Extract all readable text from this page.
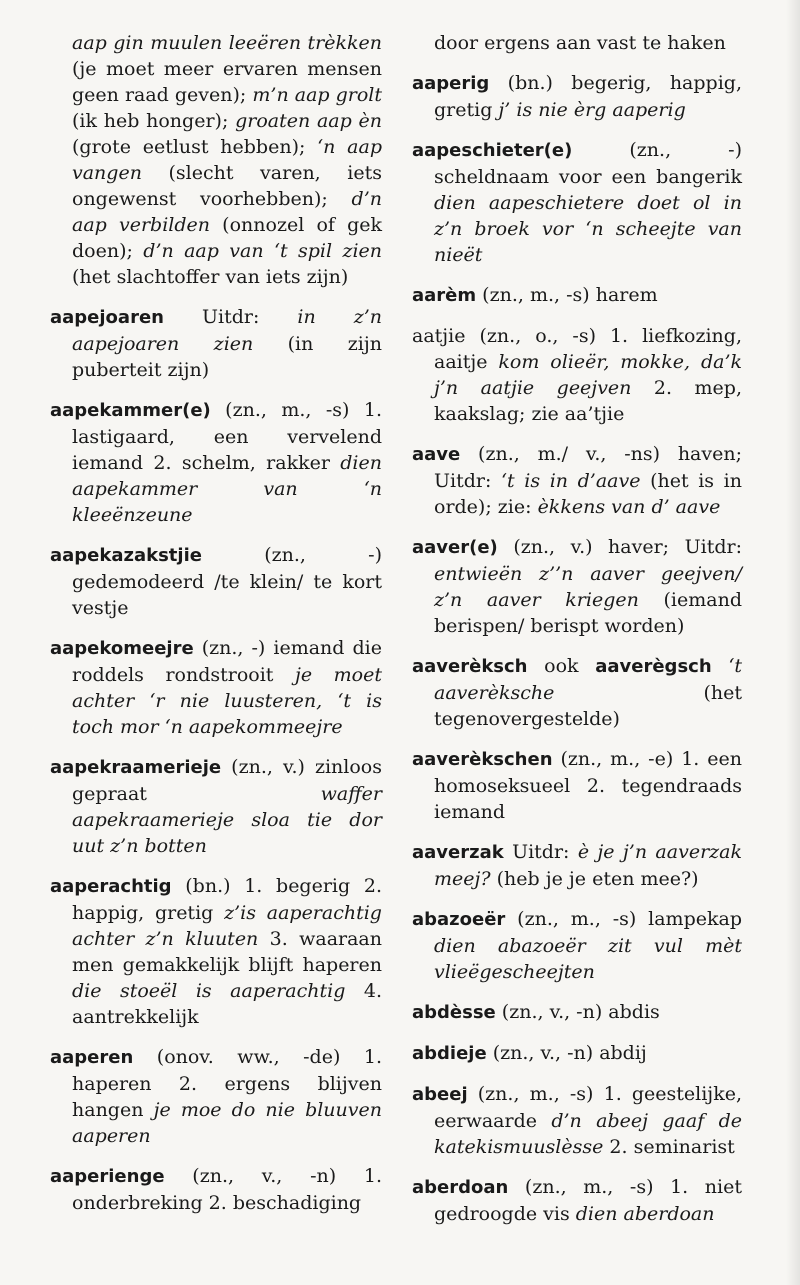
aap gin muulen leeëren trèkken (je moet meer ervaren mensen geen raad geven); m’n aap grolt (ik heb honger); groaten aap èn (grote eetlust hebben); ‘n aap vangen (slecht varen, iets ongewenst voorhebben); d’n aap verbilden (onnozel of gek doen); d’n aap van ‘t spil zien (het slachtoffer van iets zijn)

aapejoaren Uitdr: in z’n aapejoaren zien (in zijn puberteit zijn)

aapekammer(e) (zn., m., -s) 1. lastigaard, een vervelend iemand 2. schelm, rakker dien aapekammer van ‘n kleeënzeune

aapekazakstjie (zn., -) gedemodeerd /te klein/ te kort vestje

aapekomeejre (zn., -) iemand die roddels rondstrooit je moet achter ‘r nie luusteren, ‘t is toch mor ‘n aapekommeejre

aapekraamerieje (zn., v.) zinloos gepraat waffer aapekraamerieje sloa tie dor uut z’n botten

aaperachtig (bn.) 1. begerig 2. happig, gretig z’is aaperachtig achter z’n kluuten 3. waaraan men gemakkelijk blijft haperen die stoeël is aaperachtig 4. aantrekkelijk

aaperen (onov. ww., -de) 1. haperen 2. ergens blijven hangen je moe do nie bluuven aaperen

aaperienge (zn., v., -n) 1. onderbreking 2. beschadiging

door ergens aan vast te haken

aaperig (bn.) begerig, happig, gretig j’ is nie èrg aaperig

aapeschieter(e) (zn., -) scheldnaam voor een bangerik dien aapeschietere doet ol in z’n broek vor ‘n scheejte van nieët

aarèm (zn., m., -s) harem

aatjie (zn., o., -s) 1. liefkozing, aaitje kom olieër, mokke, da’k j’n aatjie geejven 2. mep, kaakslag; zie aa’tjie

aave (zn., m./ v., -ns) haven; Uitdr: ‘t is in d’aave (het is in orde); zie: èkkens van d’ aave

aaver(e) (zn., v.) haver; Uitdr: entwieën z’’n aaver geejven/ z’n aaver kriegen (iemand berispen/ berispt worden)

aaverèksch ook aaverègsch ‘t aaverèksche (het tegenovergestelde)

aaverèkschen (zn., m., -e) 1. een homoseksueel 2. tegendraads iemand

aaverzak Uitdr: è je j’n aaverzak meej? (heb je je eten mee?)

abazoeër (zn., m., -s) lampekap dien abazoeër zit vul mèt vlieëgescheejten

abdèsse (zn., v., -n) abdis

abdieje (zn., v., -n) abdij

abeej (zn., m., -s) 1. geestelijke, eerwaarde d’n abeej gaaf de katekismuuslèsse 2. seminarist

aberdoan (zn., m., -s) 1. niet gedroogde vis dien aberdoan
